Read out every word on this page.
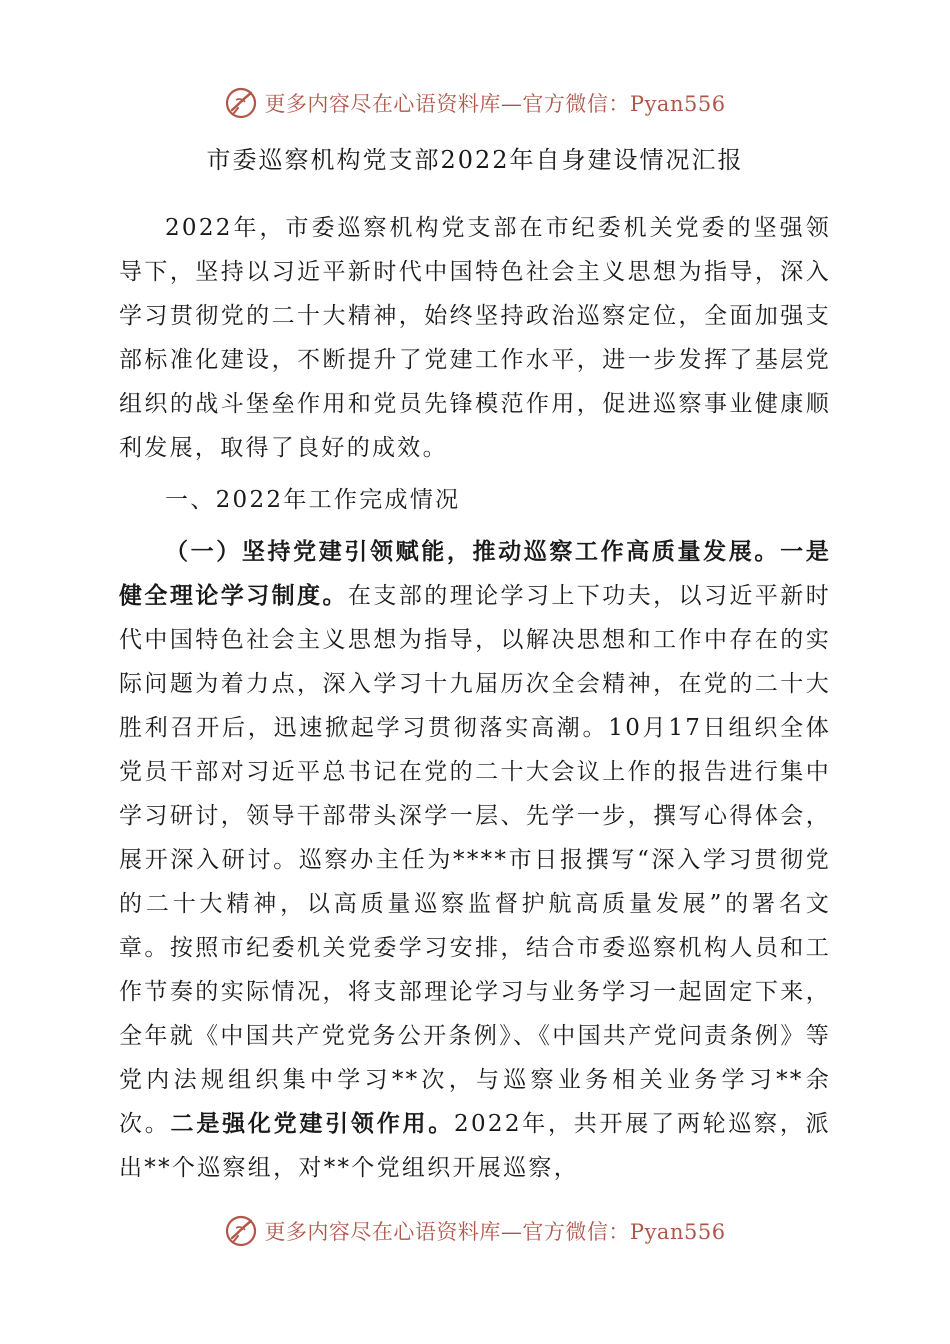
更多内容尽在心语资料库—官方微信：Pyan556
市委巡察机构党支部2022年自身建设情况汇报

2022年，市委巡察机构党支部在市纪委机关党委的坚强领导下，坚持以习近平新时代中国特色社会主义思想为指导，深入学习贯彻党的二十大精神，始终坚持政治巡察定位，全面加强支部标准化建设，不断提升了党建工作水平，进一步发挥了基层党组织的战斗堡垒作用和党员先锋模范作用，促进巡察事业健康顺利发展，取得了良好的成效。

一、2022年工作完成情况

（一）坚持党建引领赋能，推动巡察工作高质量发展。一是健全理论学习制度。在支部的理论学习上下功夫，以习近平新时代中国特色社会主义思想为指导，以解决思想和工作中存在的实际问题为着力点，深入学习十九届历次全会精神，在党的二十大胜利召开后，迅速掀起学习贯彻落实高潮。10月17日组织全体党员干部对习近平总书记在党的二十大会议上作的报告进行集中学习研讨，领导干部带头深学一层、先学一步，撰写心得体会，展开深入研讨。巡察办主任为****市日报撰写“深入学习贯彻党的二十大精神，以高质量巡察监督护航高质量发展”的署名文章。按照市纪委机关党委学习安排，结合市委巡察机构人员和工作节奏的实际情况，将支部理论学习与业务学习一起固定下来，全年就《中国共产党党务公开条例》、《中国共产党问责条例》等党内法规组织集中学习**次，与巡察业务相关业务学习**余次。二是强化党建引领作用。2022年，共开展了两轮巡察，派出**个巡察组，对**个党组织开展巡察，

更多内容尽在心语资料库—官方微信：Pyan556
